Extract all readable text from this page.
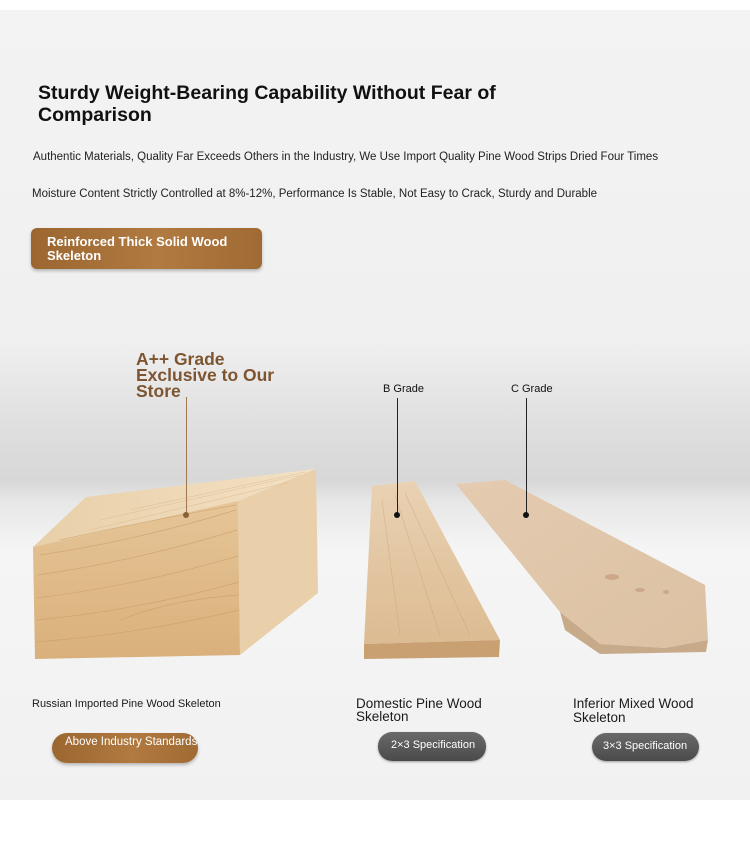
Sturdy Weight-Bearing Capability Without Fear of Comparison
Authentic Materials, Quality Far Exceeds Others in the Industry, We Use Import Quality Pine Wood Strips Dried Four Times
Moisture Content Strictly Controlled at 8%-12%, Performance Is Stable, Not Easy to Crack, Sturdy and Durable
Reinforced Thick Solid Wood Skeleton
A++ Grade Exclusive to Our Store	B Grade	C Grade
Russian Imported Pine Wood Skeleton	Domestic Pine Wood Skeleton
Inferior Mixed Wood Skeleton
Above Industry Standards	2×3 Specification	3×3 Specification
